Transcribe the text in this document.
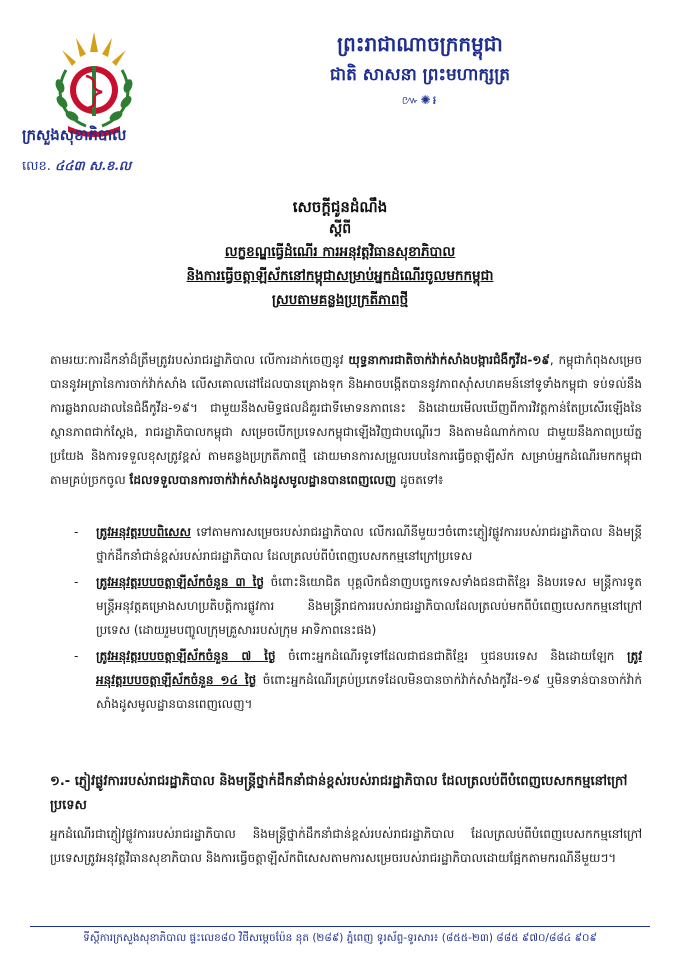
ព្រះរាជាណាចក្រកម្ពុជា
ជាតិ សាសនា ព្រះមហាក្សត្រ
៚✺៛
ក្រសួងសុខាភិបាល
លេខ. ៤៤៣ ស.ខ.ល
សេចក្ដីជូនដំណឹង
ស្ដីពី
លក្ខខណ្ឌធ្វើដំណើរ ការអនុវត្តវិធានសុខាភិបាល
និងការធ្វើចត្តាឡីស័កនៅកម្ពុជាសម្រាប់អ្នកដំណើរចូលមកកម្ពុជា
ស្របតាមគន្លងប្រក្រតីភាពថ្មី
តាមរយៈការដឹកនាំដ៏ត្រឹមត្រូវរបស់រាជរដ្ឋាភិបាល លើការដាក់ចេញនូវ យុទ្ធនាការជាតិចាក់វ៉ាក់សាំងបង្ការជំងឺកូវីដ-១៩, កម្ពុជាកំពុងសម្រេចបាននូវអត្រានៃការចាក់វ៉ាក់សាំង លើសគោលដៅដែលបានគ្រោងទុក និងអាចបង្កើតបាននូវភាពស៊ាំសហគមន៍នៅទូទាំងកម្ពុជា ទប់ទល់នឹងការឆ្លងរាលដាលនៃជំងឺកូវីដ-១៩។ ជាមួយនឹងសមិទ្ធផលដ៏គួរជាទីមោទនភាពនេះ និងដោយមើលឃើញពីការវិវត្តកាន់តែប្រសើរឡើងនៃស្ថានភាពជាក់ស្ដែង, រាជរដ្ឋាភិបាលកម្ពុជា សម្រេចបើកប្រទេសកម្ពុជាឡើងវិញជាបណ្ដើរៗ និងតាមដំណាក់កាល ជាមួយនឹងភាពប្រយ័ត្នប្រយែង និងការទទួលខុសត្រូវខ្ពស់ តាមគន្លងប្រក្រតីភាពថ្មី ដោយមានការសម្រួលរបបនៃការធ្វើចត្តាឡីស័ក សម្រាប់អ្នកដំណើរមកកម្ពុជា តាមគ្រប់ច្រកចូល ដែលទទួលបានការចាក់វ៉ាក់សាំងដូសមូលដ្ឋានបានពេញលេញ ដូចតទៅ៖
- ត្រូវអនុវត្តរបបពិសេស ទៅតាមការសម្រេចរបស់រាជរដ្ឋាភិបាល លើករណីនីមួយៗចំពោះភ្ញៀវផ្លូវការរបស់រាជរដ្ឋាភិបាល និងមន្ត្រីថ្នាក់ដឹកនាំជាន់ខ្ពស់របស់រាជរដ្ឋាភិបាល ដែលត្រលប់ពីបំពេញបេសកកម្មនៅក្រៅប្រទេស
- ត្រូវអនុវត្តរបបចត្តាឡីស័កចំនួន ៣ ថ្ងៃ ចំពោះនិយោជិត បុគ្គលិកជំនាញបច្ចេកទេសទាំងជនជាតិខ្មែរ និងបរទេស មន្ត្រីការទូត មន្ត្រីអនុវត្តគម្រោងសហប្រតិបត្តិការផ្លូវការ និងមន្ត្រីរាជការរបស់រាជរដ្ឋាភិបាលដែលត្រលប់មកពីបំពេញបេសកកម្មនៅក្រៅប្រទេស (ដោយរួមបញ្ចូលក្រុមគ្រួសាររបស់ក្រុម អាទិភាពនេះផង)
- ត្រូវអនុវត្តរបបចត្តាឡីស័កចំនួន ៧ ថ្ងៃ ចំពោះអ្នកដំណើរទូទៅដែលជាជនជាតិខ្មែរ ឬជនបរទេស និងដោយឡែក ត្រូវអនុវត្តរបបចត្តាឡីស័កចំនួន ១៤ ថ្ងៃ ចំពោះអ្នកដំណើរគ្រប់ប្រភេទដែលមិនបានចាក់វ៉ាក់សាំងកូវីដ-១៩ ឬមិនទាន់បានចាក់វ៉ាក់សាំងដូសមូលដ្ឋានបានពេញលេញ។
១.- ភ្ញៀវផ្លូវការរបស់រាជរដ្ឋាភិបាល និងមន្ត្រីថ្នាក់ដឹកនាំជាន់ខ្ពស់របស់រាជរដ្ឋាភិបាល ដែលត្រលប់ពីបំពេញបេសកកម្មនៅក្រៅប្រទេស
អ្នកដំណើរជាភ្ញៀវផ្លូវការរបស់រាជរដ្ឋាភិបាល និងមន្ត្រីថ្នាក់ដឹកនាំជាន់ខ្ពស់របស់រាជរដ្ឋាភិបាល ដែលត្រលប់ពីបំពេញបេសកកម្មនៅក្រៅប្រទេសត្រូវអនុវត្តវិធានសុខាភិបាល និងការធ្វើចត្តាឡីស័កពិសេសតាមការសម្រេចរបស់រាជរដ្ឋាភិបាលដោយផ្អែកតាមករណីនីមួយៗ។
ទីស្ដីការក្រសួងសុខាភិបាល ផ្ទះលេខ៨០ វិថីសម្ដេចប៉ែន នុត (២៨៩) ភ្នំពេញ ទូរស័ព្ទ-ទូរសារ៖ (៨៥៥-២៣) ៨៨៥ ៩៧០/៨៨៤ ៩០៩
